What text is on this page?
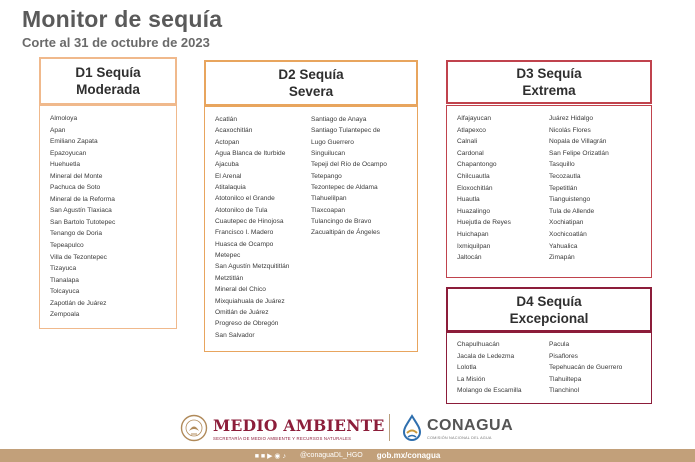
Monitor de sequía
Corte al 31 de octubre de 2023
D1 Sequía
Moderada
Almoloya
Apan
Emiliano Zapata
Epazoyucan
Huehuetla
Mineral del Monte
Pachuca de Soto
Mineral de la Reforma
San Agustín Tlaxiaca
San Bartolo Tutotepec
Tenango de Doria
Tepeapulco
Villa de Tezontepec
Tizayuca
Tlanalapa
Tolcayuca
Zapotlán de Juárez
Zempoala
D2 Sequía
Severa
Acatlán
Acaxochitlán
Actopan
Agua Blanca de Iturbide
Ajacuba
El Arenal
Atitalaquia
Atotonilco el Grande
Atotonilco de Tula
Cuautepec de Hinojosa
Francisco I. Madero
Huasca de Ocampo
Metepec
San Agustín Metzquititlán
Metztitlán
Mineral del Chico
Mixquiahuala de Juárez
Omitlán de Juárez
Progreso de Obregón
San Salvador
Santiago de Anaya
Santiago Tulantepec de
Lugo Guerrero
Singuilucan
Tepeji del Río de Ocampo
Tetepango
Tezontepec de Aldama
Tlahuelilpan
Tlaxcoapan
Tulancingo de Bravo
Zacualtipán de Ángeles
D3 Sequía
Extrema
Alfajayucan
Atlapexco
Calnali
Cardonal
Chapantongo
Chilcuautla
Eloxochitlán
Huautla
Huazalingo
Huejutla de Reyes
Huichapan
Ixmiquilpan
Jaltocán
Juárez Hidalgo
Nicolás Flores
Nopala de Villagrán
San Felipe Orizatlán
Tasquillo
Tecozautla
Tepetitlán
Tianguistengo
Tula de Allende
Xochiatipan
Xochicoatlán
Yahualica
Zimapán
D4 Sequía
Excepcional
Chapulhuacán
Jacala de Ledezma
Lolotla
La Misión
Molango de Escamilla
Pacula
Pisaflores
Tepehuacán de Guerrero
Tlahuiltepa
Tlanchinol
MEDIO AMBIENTE
SECRETARÍA DE MEDIO AMBIENTE Y RECURSOS NATURALES
CONAGUA
COMISIÓN NACIONAL DEL AGUA
■ ■ ▶ ◉ ♪ @conaguaDL_HGO gob.mx/conagua
